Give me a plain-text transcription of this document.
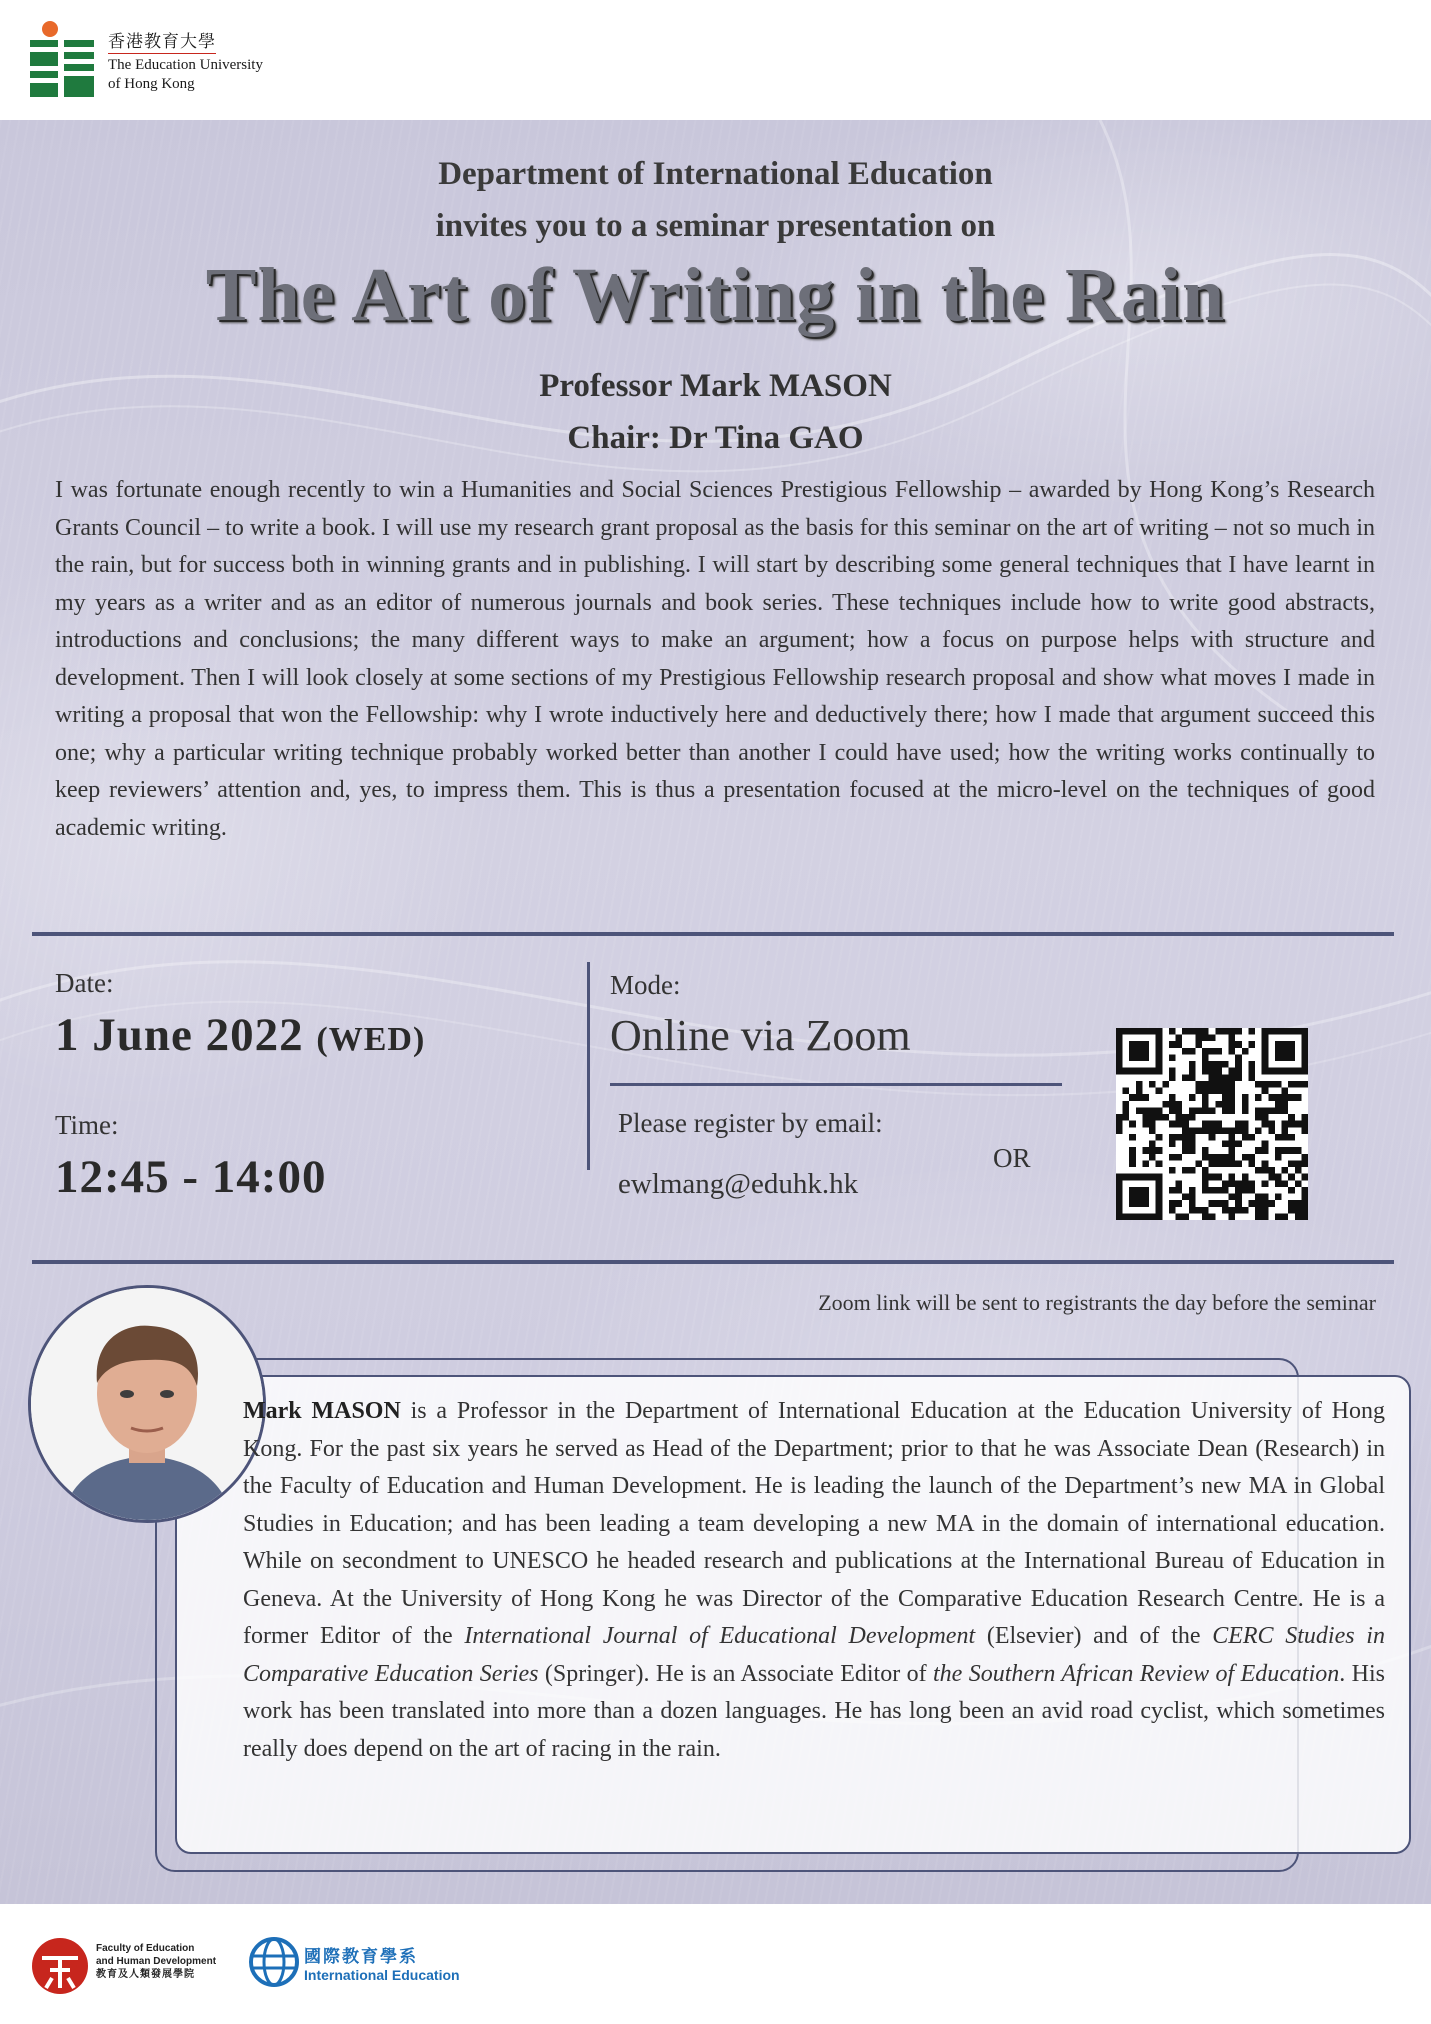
香港教育大學
The Education University
of Hong Kong
Department of International Education
invites you to a seminar presentation on
The Art of Writing in the Rain
Professor Mark MASON
Chair: Dr Tina GAO
I was fortunate enough recently to win a Humanities and Social Sciences Prestigious Fellowship – awarded by Hong Kong’s Research Grants Council – to write a book. I will use my research grant proposal as the basis for this seminar on the art of writing – not so much in the rain, but for success both in winning grants and in publishing. I will start by describing some general techniques that I have learnt in my years as a writer and as an editor of numerous journals and book series. These techniques include how to write good abstracts, introductions and conclusions; the many different ways to make an argument; how a focus on purpose helps with structure and development. Then I will look closely at some sections of my Prestigious Fellowship research proposal and show what moves I made in writing a proposal that won the Fellowship: why I wrote inductively here and deductively there; how I made that argument succeed this one; why a particular writing technique probably worked better than another I could have used; how the writing works continually to keep reviewers’ attention and, yes, to impress them. This is thus a presentation focused at the micro-level on the techniques of good academic writing.
Date:
1 June 2022 (WED)
Time:
12:45 - 14:00
Mode:
Online via Zoom
Please register by email:
ewlmang@eduhk.hk
OR
Zoom link will be sent to registrants the day before the seminar
Mark MASON is a Professor in the Department of International Education at the Education University of Hong Kong. For the past six years he served as Head of the Department; prior to that he was Associate Dean (Research) in the Faculty of Education and Human Development. He is leading the launch of the Department’s new MA in Global Studies in Education; and has been leading a team developing a new MA in the domain of international education. While on secondment to UNESCO he headed research and publications at the International Bureau of Education in Geneva. At the University of Hong Kong he was Director of the Comparative Education Research Centre. He is a former Editor of the International Journal of Educational Development (Elsevier) and of the CERC Studies in Comparative Education Series (Springer). He is an Associate Editor of the Southern African Review of Education. His work has been translated into more than a dozen languages. He has long been an avid road cyclist, which sometimes really does depend on the art of racing in the rain.
Faculty of Education
and Human Development
教育及人類發展學院
國際教育學系
International Education
